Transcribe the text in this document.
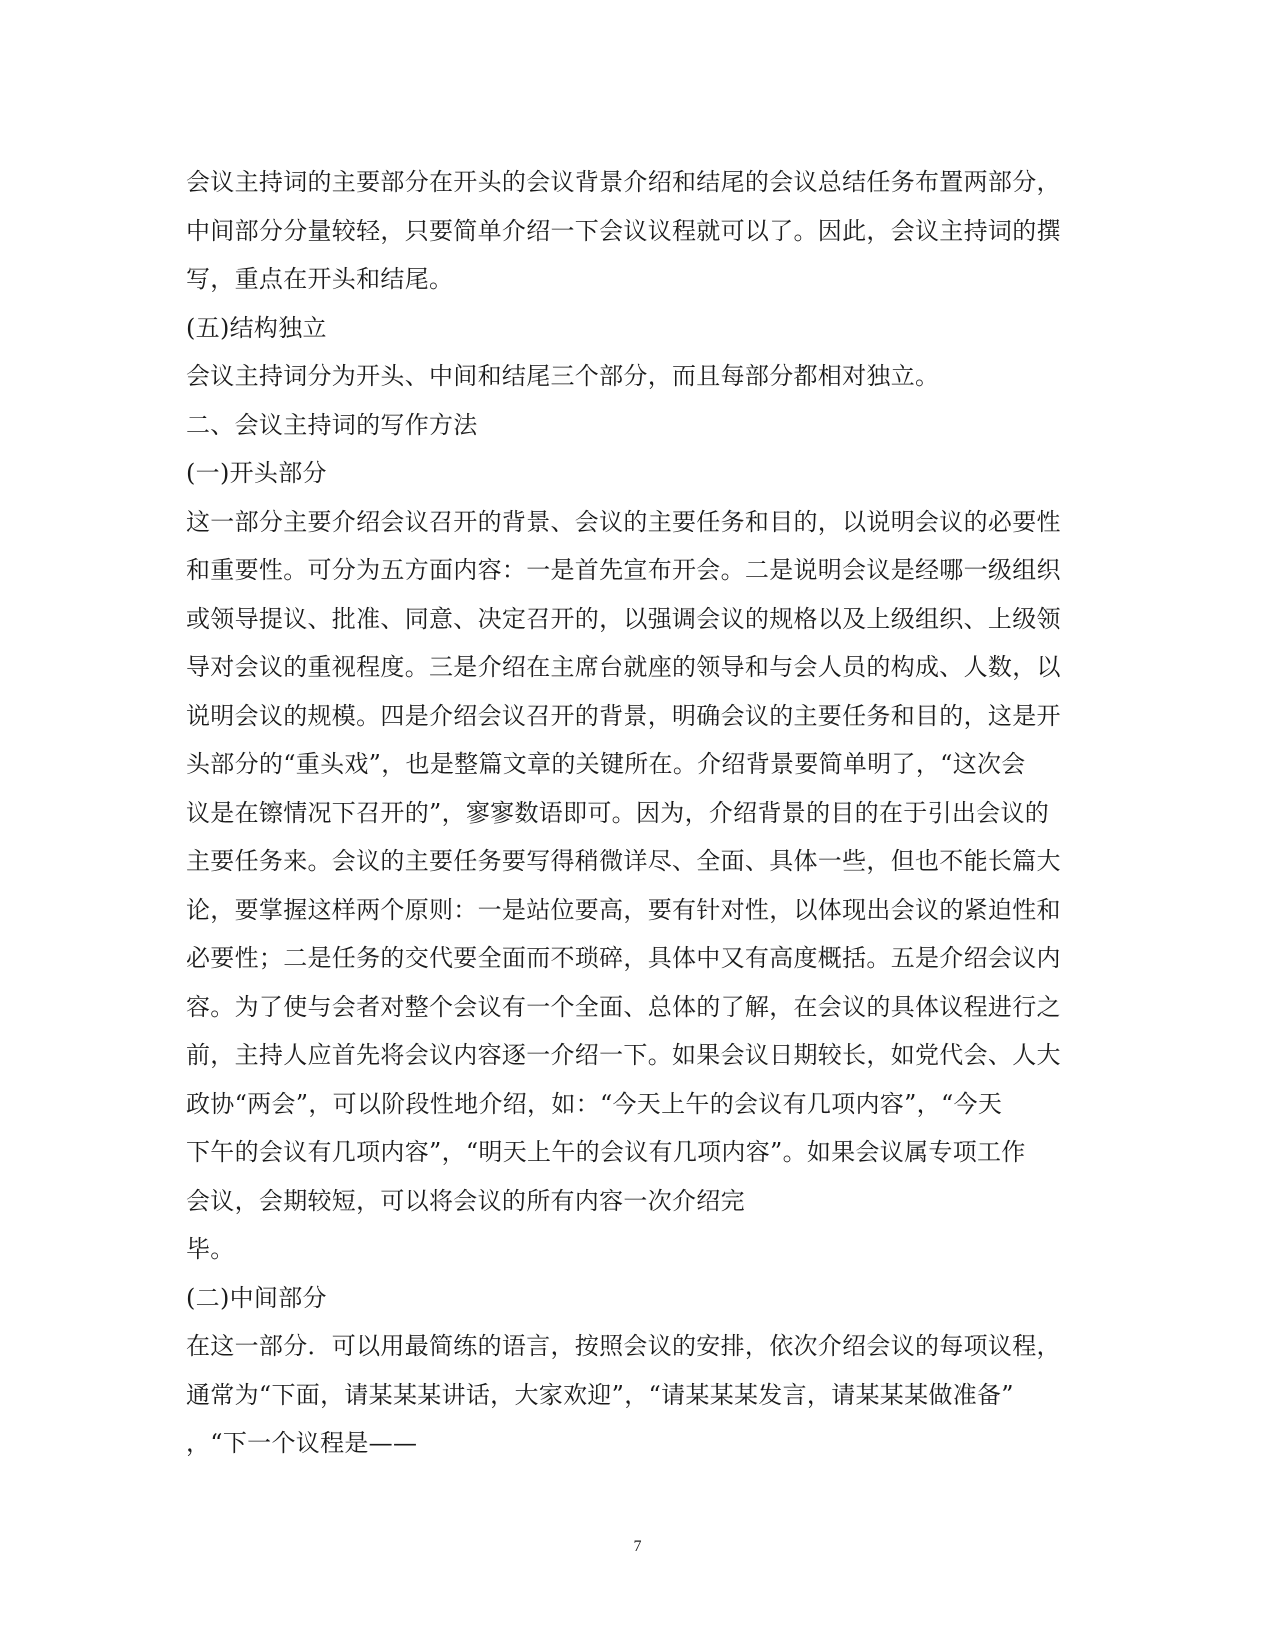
会议主持词的主要部分在开头的会议背景介绍和结尾的会议总结任务布置两部分，
中间部分分量较轻，只要简单介绍一下会议议程就可以了。因此，会议主持词的撰
写，重点在开头和结尾。
(五)结构独立
会议主持词分为开头、中间和结尾三个部分，而且每部分都相对独立。
二、会议主持词的写作方法
(一)开头部分
这一部分主要介绍会议召开的背景、会议的主要任务和目的，以说明会议的必要性
和重要性。可分为五方面内容：一是首先宣布开会。二是说明会议是经哪一级组织
或领导提议、批准、同意、决定召开的，以强调会议的规格以及上级组织、上级领
导对会议的重视程度。三是介绍在主席台就座的领导和与会人员的构成、人数，以
说明会议的规模。四是介绍会议召开的背景，明确会议的主要任务和目的，这是开
头部分的“重头戏”，也是整篇文章的关键所在。介绍背景要简单明了，“这次会
议是在镲情况下召开的”，寥寥数语即可。因为，介绍背景的目的在于引出会议的
主要任务来。会议的主要任务要写得稍微详尽、全面、具体一些，但也不能长篇大
论，要掌握这样两个原则：一是站位要高，要有针对性，以体现出会议的紧迫性和
必要性；二是任务的交代要全面而不琐碎，具体中又有高度概括。五是介绍会议内
容。为了使与会者对整个会议有一个全面、总体的了解，在会议的具体议程进行之
前，主持人应首先将会议内容逐一介绍一下。如果会议日期较长，如党代会、人大
政协“两会”，可以阶段性地介绍，如：“今天上午的会议有几项内容”，“今天
下午的会议有几项内容”，“明天上午的会议有几项内容”。如果会议属专项工作
会议，会期较短，可以将会议的所有内容一次介绍完
毕。
(二)中间部分
在这一部分．可以用最简练的语言，按照会议的安排，依次介绍会议的每项议程，
通常为“下面，请某某某讲话，大家欢迎”，“请某某某发言，请某某某做准备”
，“下一个议程是——
7
